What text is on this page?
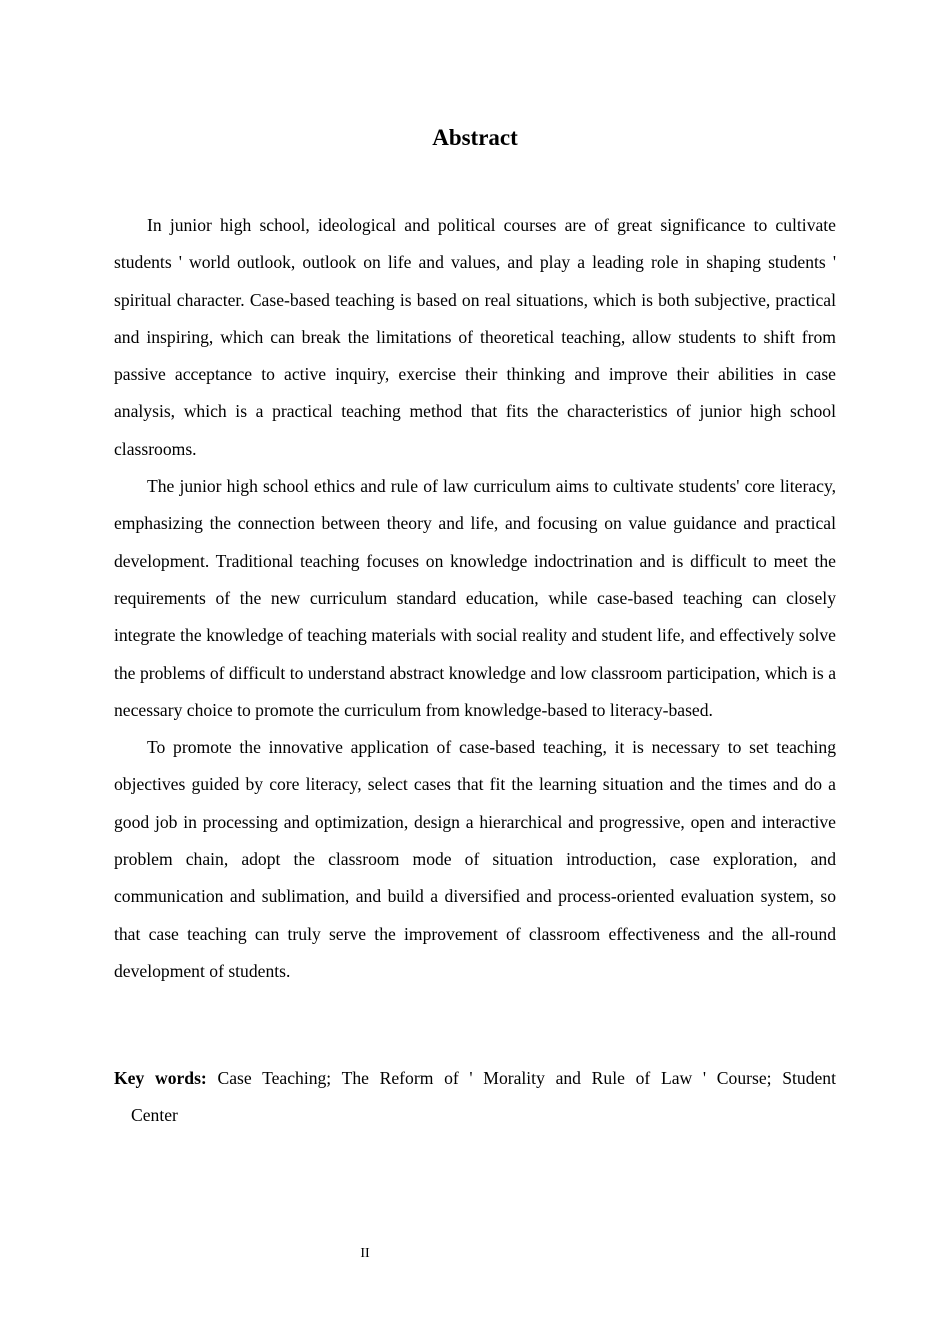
Abstract

In junior high school, ideological and political courses are of great significance to cultivate students ' world outlook, outlook on life and values, and play a leading role in shaping students ' spiritual character. Case-based teaching is based on real situations, which is both subjective, practical and inspiring, which can break the limitations of theoretical teaching, allow students to shift from passive acceptance to active inquiry, exercise their thinking and improve their abilities in case analysis, which is a practical teaching method that fits the characteristics of junior high school classrooms.

The junior high school ethics and rule of law curriculum aims to cultivate students' core literacy, emphasizing the connection between theory and life, and focusing on value guidance and practical development. Traditional teaching focuses on knowledge indoctrination and is difficult to meet the requirements of the new curriculum standard education, while case-based teaching can closely integrate the knowledge of teaching materials with social reality and student life, and effectively solve the problems of difficult to understand abstract knowledge and low classroom participation, which is a necessary choice to promote the curriculum from knowledge-based to literacy-based.

To promote the innovative application of case-based teaching, it is necessary to set teaching objectives guided by core literacy, select cases that fit the learning situation and the times and do a good job in processing and optimization, design a hierarchical and progressive, open and interactive problem chain, adopt the classroom mode of situation introduction, case exploration, and communication and sublimation, and build a diversified and process-oriented evaluation system, so that case teaching can truly serve the improvement of classroom effectiveness and the all-round development of students.

Key words: Case Teaching; The Reform of ' Morality and Rule of Law ' Course; Student Center
II
